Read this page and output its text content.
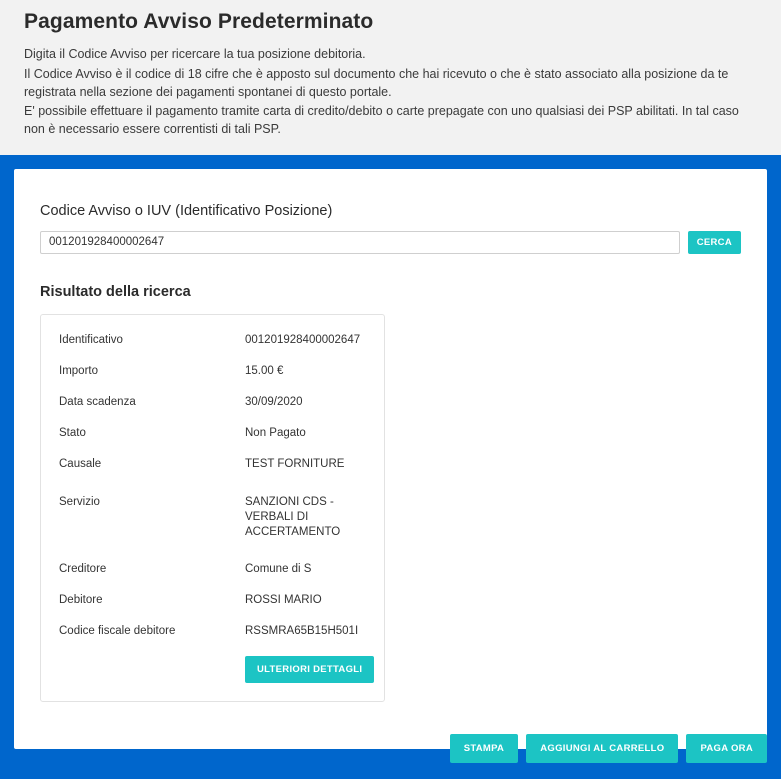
Pagamento Avviso Predeterminato

Digita il Codice Avviso per ricercare la tua posizione debitoria.

Il Codice Avviso è il codice di 18 cifre che è apposto sul documento che hai ricevuto o che è stato associato alla posizione da te registrata nella sezione dei pagamenti spontanei di questo portale.

E' possibile effettuare il pagamento tramite carta di credito/debito o carte prepagate con uno qualsiasi dei PSP abilitati. In tal caso non è necessario essere correntisti di tali PSP.

Codice Avviso o IUV (Identificativo Posizione)
001201928400002647
CERCA
Risultato della ricerca
Identificativo	001201928400002647
Importo	15.00 €
Data scadenza	30/09/2020
Stato	Non Pagato
Causale	TEST FORNITURE
Servizio	SANZIONI CDS - VERBALI DI ACCERTAMENTO
Creditore	Comune di S
Debitore	ROSSI MARIO
Codice fiscale debitore	RSSMRA65B15H501I
ULTERIORI DETTAGLI
STAMPA	AGGIUNGI AL CARRELLO	PAGA ORA
